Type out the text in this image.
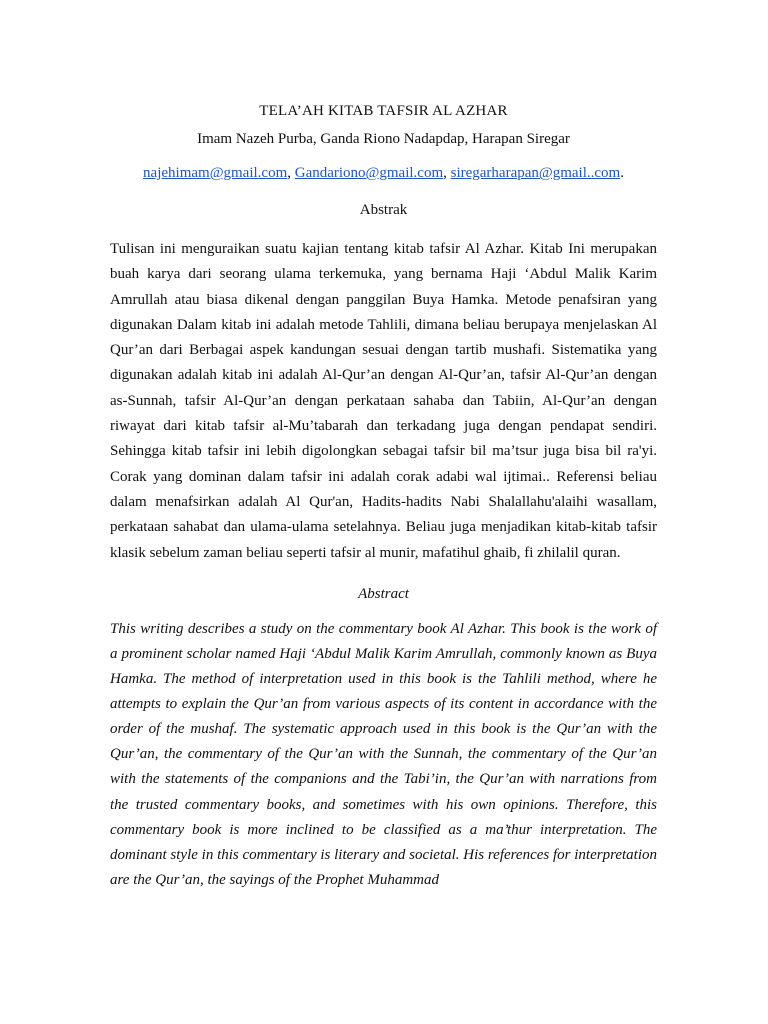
TELA’AH KITAB TAFSIR AL AZHAR
Imam Nazeh Purba, Ganda Riono Nadapdap, Harapan Siregar
najehimam@gmail.com, Gandariono@gmail.com, siregarharapan@gmail..com.
Abstrak

Tulisan ini menguraikan suatu kajian tentang kitab tafsir Al Azhar. Kitab Ini merupakan buah karya dari seorang ulama terkemuka, yang bernama Haji ‘Abdul Malik Karim Amrullah atau biasa dikenal dengan panggilan Buya Hamka. Metode penafsiran yang digunakan Dalam kitab ini adalah metode Tahlili, dimana beliau berupaya menjelaskan Al Qur’an dari Berbagai aspek kandungan sesuai dengan tartib mushafi. Sistematika yang digunakan adalah kitab ini adalah Al-Qur’an dengan Al-Qur’an, tafsir Al-Qur’an dengan as-Sunnah, tafsir Al-Qur’an dengan perkataan sahaba dan Tabiin, Al-Qur’an dengan riwayat dari kitab tafsir al-Mu’tabarah dan terkadang juga dengan pendapat sendiri. Sehingga kitab tafsir ini lebih digolongkan sebagai tafsir bil ma’tsur juga bisa bil ra'yi. Corak yang dominan dalam tafsir ini adalah corak adabi wal ijtimai.. Referensi beliau dalam menafsirkan adalah Al Qur'an, Hadits-hadits Nabi Shalallahu'alaihi wasallam, perkataan sahabat dan ulama-ulama setelahnya. Beliau juga menjadikan kitab-kitab tafsir klasik sebelum zaman beliau seperti tafsir al munir, mafatihul ghaib, fi zhilalil quran.

Abstract

This writing describes a study on the commentary book Al Azhar. This book is the work of a prominent scholar named Haji ‘Abdul Malik Karim Amrullah, commonly known as Buya Hamka. The method of interpretation used in this book is the Tahlili method, where he attempts to explain the Qur’an from various aspects of its content in accordance with the order of the mushaf. The systematic approach used in this book is the Qur’an with the Qur’an, the commentary of the Qur’an with the Sunnah, the commentary of the Qur’an with the statements of the companions and the Tabi’in, the Qur’an with narrations from the trusted commentary books, and sometimes with his own opinions. Therefore, this commentary book is more inclined to be classified as a ma’thur interpretation. The dominant style in this commentary is literary and societal. His references for interpretation are the Qur’an, the sayings of the Prophet Muhammad
